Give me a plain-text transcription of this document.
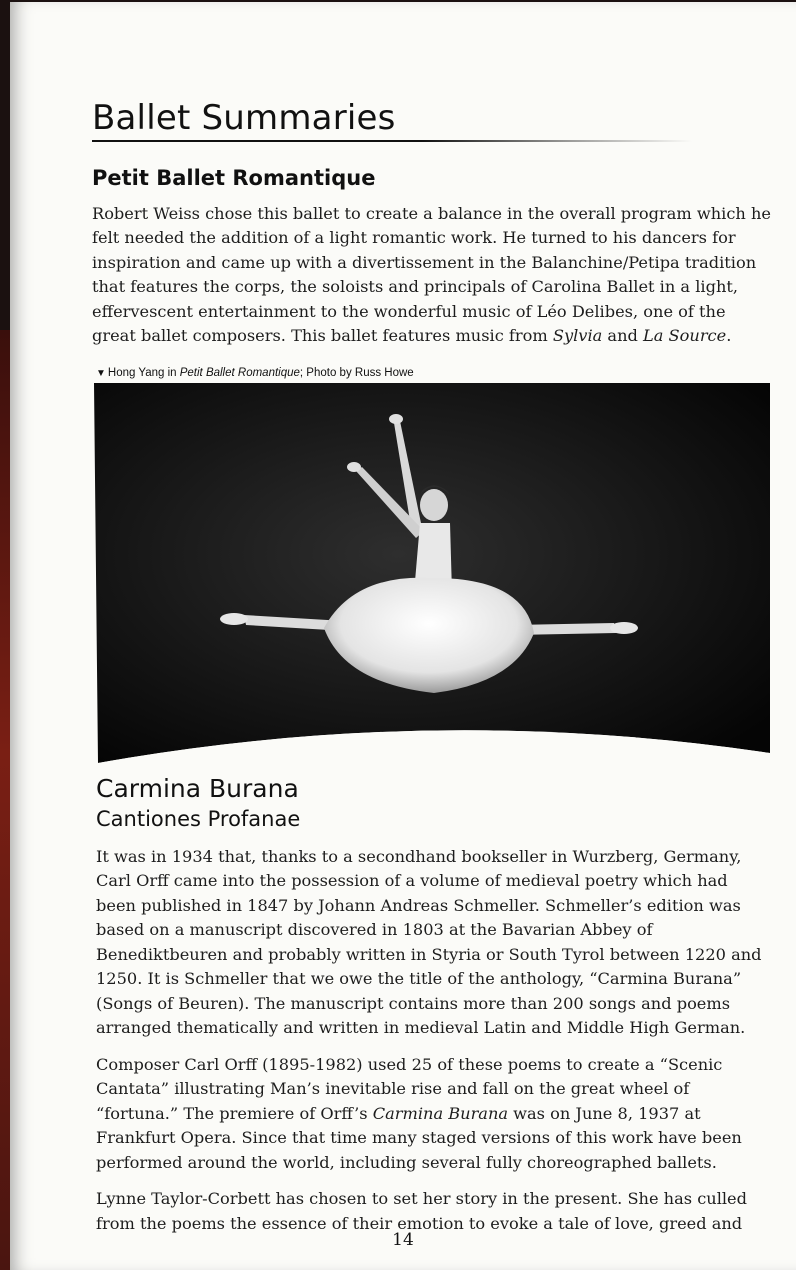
Ballet Summaries
Petit Ballet Romantique

Robert Weiss chose this ballet to create a balance in the overall program which he felt needed the addition of a light romantic work. He turned to his dancers for inspiration and came up with a divertissement in the Balanchine/Petipa tradition that features the corps, the soloists and principals of Carolina Ballet in a light, effervescent entertainment to the wonderful music of Léo Delibes, one of the great ballet composers. This ballet features music from Sylvia and La Source.

▼ Hong Yang in Petit Ballet Romantique; Photo by Russ Howe
Carmina Burana
Cantiones Profanae

It was in 1934 that, thanks to a secondhand bookseller in Wurzberg, Germany, Carl Orff came into the possession of a volume of medieval poetry which had been published in 1847 by Johann Andreas Schmeller. Schmeller’s edition was based on a manuscript discovered in 1803 at the Bavarian Abbey of Benediktbeuren and probably written in Styria or South Tyrol between 1220 and 1250. It is Schmeller that we owe the title of the anthology, “Carmina Burana” (Songs of Beuren). The manuscript contains more than 200 songs and poems arranged thematically and written in medieval Latin and Middle High German.

Composer Carl Orff (1895-1982) used 25 of these poems to create a “Scenic Cantata” illustrating Man’s inevitable rise and fall on the great wheel of “fortuna.” The premiere of Orff’s Carmina Burana was on June 8, 1937 at Frankfurt Opera. Since that time many staged versions of this work have been performed around the world, including several fully choreographed ballets.

Lynne Taylor-Corbett has chosen to set her story in the present. She has culled from the poems the essence of their emotion to evoke a tale of love, greed and

14
